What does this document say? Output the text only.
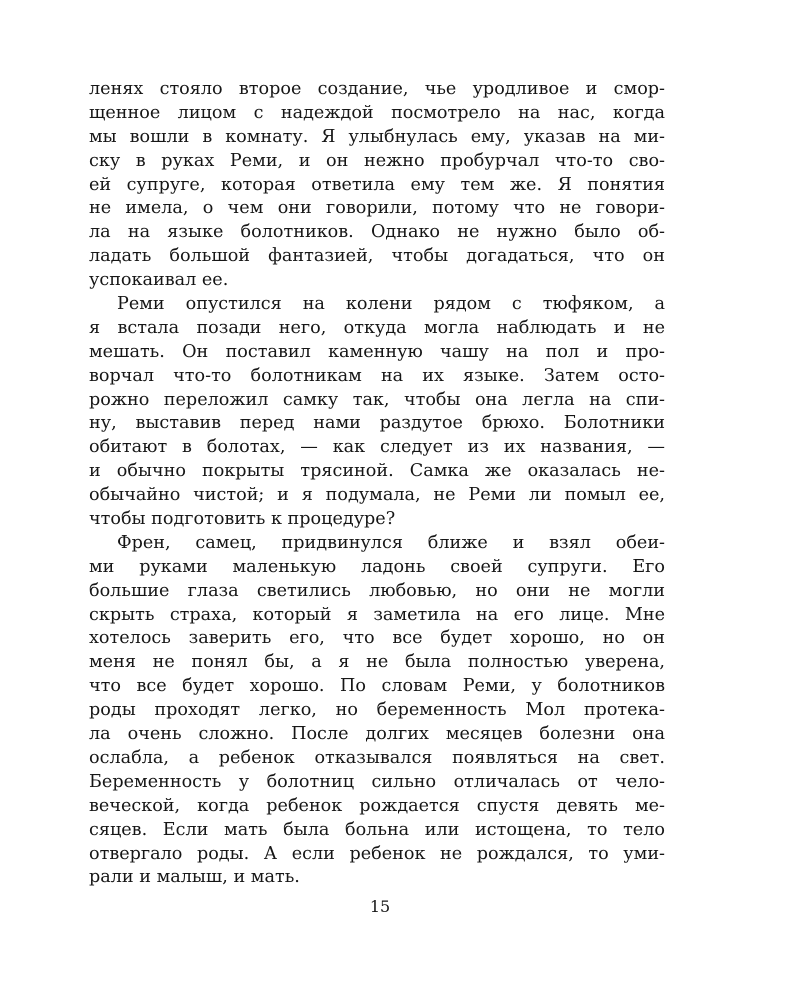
ленях стояло второе создание, чье уродливое и смор-
щенное лицом с надеждой посмотрело на нас, когда
мы вошли в комнату. Я улыбнулась ему, указав на ми-
ску в руках Реми, и он нежно пробурчал что-то сво-
ей супруге, которая ответила ему тем же. Я понятия
не имела, о чем они говорили, потому что не говори-
ла на языке болотников. Однако не нужно было об-
ладать большой фантазией, чтобы догадаться, что он
успокаивал ее.
Реми опустился на колени рядом с тюфяком, а
я встала позади него, откуда могла наблюдать и не
мешать. Он поставил каменную чашу на пол и про-
ворчал что-то болотникам на их языке. Затем осто-
рожно переложил самку так, чтобы она легла на спи-
ну, выставив перед нами раздутое брюхо. Болотники
обитают в болотах, — как следует из их названия, —
и обычно покрыты трясиной. Самка же оказалась не-
обычайно чистой; и я подумала, не Реми ли помыл ее,
чтобы подготовить к процедуре?
Френ, самец, придвинулся ближе и взял обеи-
ми руками маленькую ладонь своей супруги. Его
большие глаза светились любовью, но они не могли
скрыть страха, который я заметила на его лице. Мне
хотелось заверить его, что все будет хорошо, но он
меня не понял бы, а я не была полностью уверена,
что все будет хорошо. По словам Реми, у болотников
роды проходят легко, но беременность Мол протека-
ла очень сложно. После долгих месяцев болезни она
ослабла, а ребенок отказывался появляться на свет.
Беременность у болотниц сильно отличалась от чело-
веческой, когда ребенок рождается спустя девять ме-
сяцев. Если мать была больна или истощена, то тело
отвергало роды. А если ребенок не рождался, то уми-
рали и малыш, и мать.
15
